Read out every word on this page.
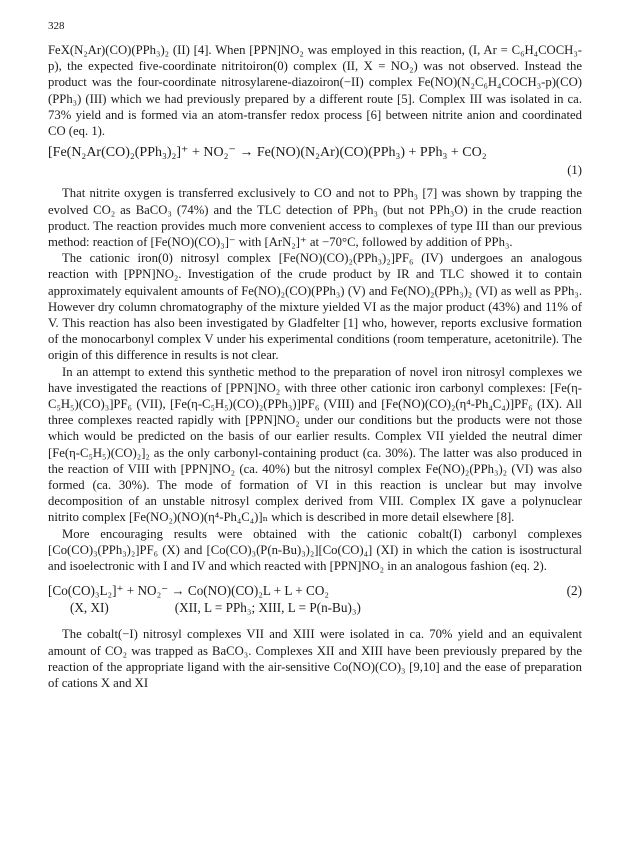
328

FeX(N₂Ar)(CO)(PPh₃)₂ (II) [4]. When [PPN]NO₂ was employed in this reaction, (I, Ar = C₆H₄COCH₃-p), the expected five-coordinate nitritoiron(0) complex (II, X = NO₂) was not observed. Instead the product was the four-coordinate nitrosylarene-diazoiron(−II) complex Fe(NO)(N₂C₆H₄COCH₃-p)(CO)(PPh₃) (III) which we had previously prepared by a different route [5]. Complex III was isolated in ca. 73% yield and is formed via an atom-transfer redox process [6] between nitrite anion and coordinated CO (eq. 1).

[Fe(N₂Ar(CO)₂(PPh₃)₂]⁺ + NO₂⁻ → Fe(NO)(N₂Ar)(CO)(PPh₃) + PPh₃ + CO₂
(1)

That nitrite oxygen is transferred exclusively to CO and not to PPh₃ [7] was shown by trapping the evolved CO₂ as BaCO₃ (74%) and the TLC detection of PPh₃ (but not PPh₃O) in the crude reaction product. The reaction provides much more convenient access to complexes of type III than our previous method: reaction of [Fe(NO)(CO)₃]⁻ with [ArN₂]⁺ at −70°C, followed by addition of PPh₃.

The cationic iron(0) nitrosyl complex [Fe(NO)(CO)₂(PPh₃)₂]PF₆ (IV) undergoes an analogous reaction with [PPN]NO₂. Investigation of the crude product by IR and TLC showed it to contain approximately equivalent amounts of Fe(NO)₂(CO)(PPh₃) (V) and Fe(NO)₂(PPh₃)₂ (VI) as well as PPh₃. However dry column chromatography of the mixture yielded VI as the major product (43%) and 11% of V. This reaction has also been investigated by Gladfelter [1] who, however, reports exclusive formation of the monocarbonyl complex V under his experimental conditions (room temperature, acetonitrile). The origin of this difference in results is not clear.

In an attempt to extend this synthetic method to the preparation of novel iron nitrosyl complexes we have investigated the reactions of [PPN]NO₂ with three other cationic iron carbonyl complexes: [Fe(η-C₅H₅)(CO)₃]PF₆ (VII), [Fe(η-C₅H₅)(CO)₂(PPh₃)]PF₆ (VIII) and [Fe(NO)(CO)₂(η⁴-Ph₄C₄)]PF₆ (IX). All three complexes reacted rapidly with [PPN]NO₂ under our conditions but the products were not those which would be predicted on the basis of our earlier results. Complex VII yielded the neutral dimer [Fe(η-C₅H₅)(CO)₂]₂ as the only carbonyl-containing product (ca. 30%). The latter was also produced in the reaction of VIII with [PPN]NO₂ (ca. 40%) but the nitrosyl complex Fe(NO)₂(PPh₃)₂ (VI) was also formed (ca. 30%). The mode of formation of VI in this reaction is unclear but may involve decomposition of an unstable nitrosyl complex derived from VIII. Complex IX gave a polynuclear nitrito complex [Fe(NO₂)(NO)(η⁴-Ph₄C₄)]ₙ which is described in more detail elsewhere [8].

More encouraging results were obtained with the cationic cobalt(I) carbonyl complexes [Co(CO)₃(PPh₃)₂]PF₆ (X) and [Co(CO)₃(P(n-Bu)₃)₂][Co(CO)₄] (XI) in which the cation is isostructural and isoelectronic with I and IV and which reacted with [PPN]NO₂ in an analogous fashion (eq. 2).

[Co(CO)₃L₂]⁺ + NO₂⁻ → Co(NO)(CO)₂L + L + CO₂	(2)
(X, XI)                    (XII, L = PPh₃; XIII, L = P(n-Bu)₃)

The cobalt(−I) nitrosyl complexes VII and XIII were isolated in ca. 70% yield and an equivalent amount of CO₂ was trapped as BaCO₃. Complexes XII and XIII have been previously prepared by the reaction of the appropriate ligand with the air-sensitive Co(NO)(CO)₃ [9,10] and the ease of preparation of cations X and XI
